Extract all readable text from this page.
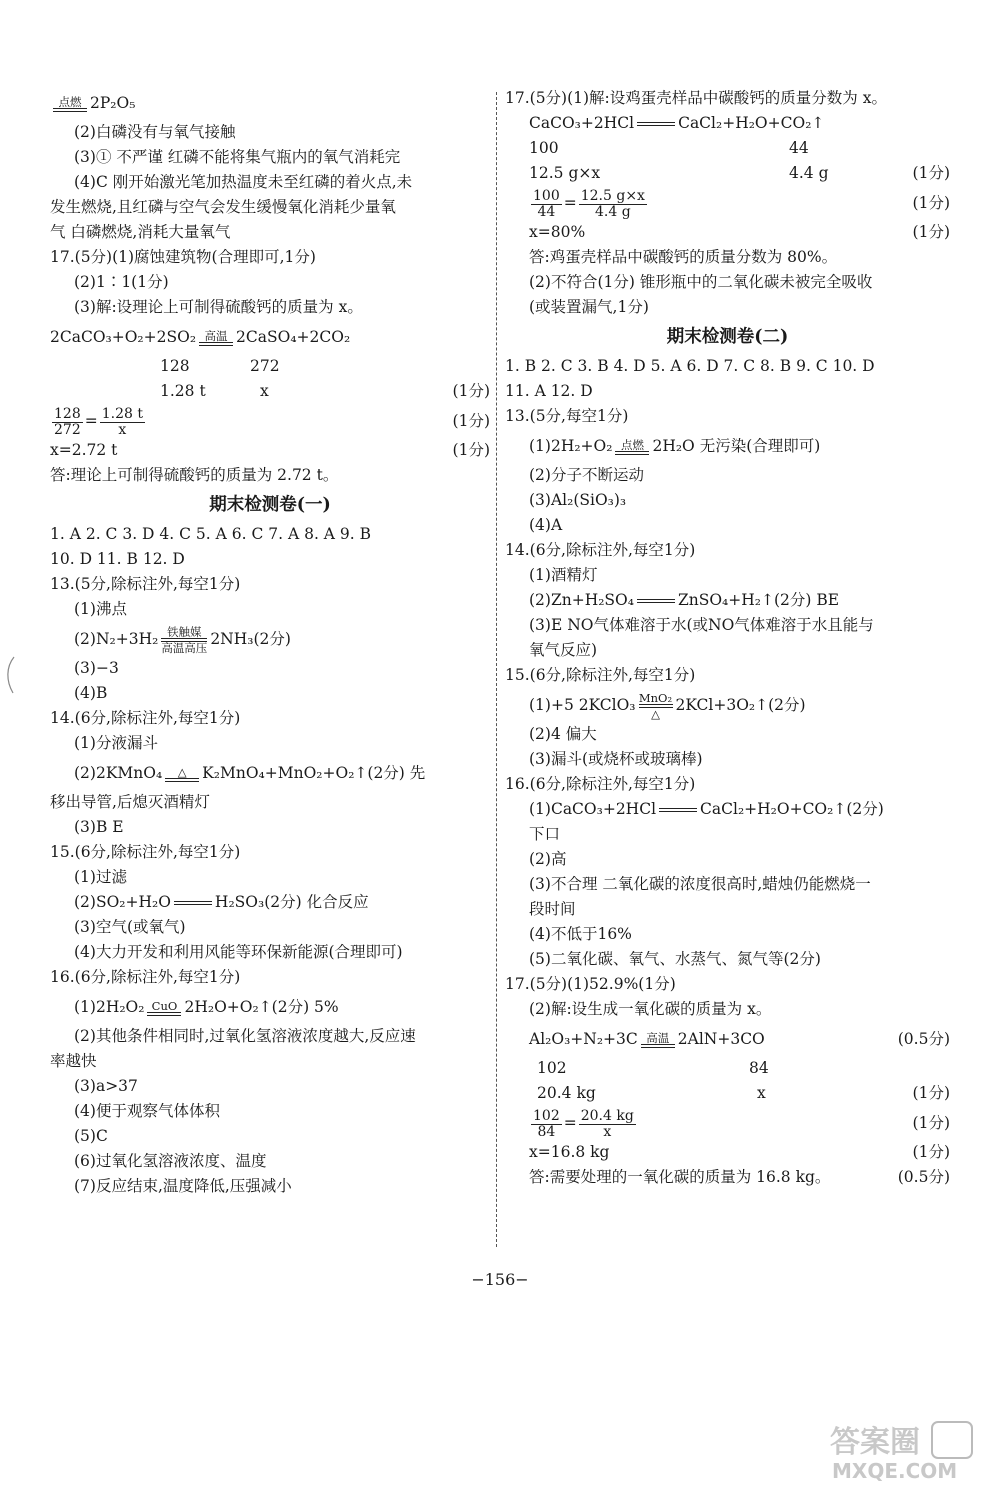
点燃 2P₂O₅
(2)白磷没有与氧气接触
(3)① 不严谨 红磷不能将集气瓶内的氧气消耗完
(4)C 刚开始激光笔加热温度未至红磷的着火点,未
发生燃烧,且红磷与空气会发生缓慢氧化消耗少量氧
气 白磷燃烧,消耗大量氧气
17.(5分)(1)腐蚀建筑物(合理即可,1分)
(2)1∶1(1分)
(3)解:设理论上可制得硫酸钙的质量为 x。
2CaCO₃+O₂+2SO₂ 高温 2CaSO₄+2CO₂
128	272
1.28 t	x	(1分)
$\frac{128}{272} = \frac{1.28 t}{x}$	(1分)
x=2.72 t	(1分)
答:理论上可制得硫酸钙的质量为 2.72 t。
期末检测卷(一)
1. A 2. C 3. D 4. C 5. A 6. C 7. A 8. A 9. B
10. D 11. B 12. D
13.(5分,除标注外,每空1分)
(1)沸点
(2)N₂+3H₂ 铁触媒
高温高压 2NH₃(2分)
(3)−3
(4)B
14.(6分,除标注外,每空1分)
(1)分液漏斗
(2)2KMnO₄	△	K₂MnO₄+MnO₂+O₂↑(2分) 先
移出导管,后熄灭酒精灯
(3)B E
15.(6分,除标注外,每空1分)
(1)过滤
(2)SO₂+H₂O	H₂SO₃(2分) 化合反应
(3)空气(或氧气)
(4)大力开发和利用风能等环保新能源(合理即可)
16.(6分,除标注外,每空1分)
(1)2H₂O₂ CuO 2H₂O+O₂↑(2分) 5%
(2)其他条件相同时,过氧化氢溶液浓度越大,反应速
率越快
(3)a>37
(4)便于观察气体体积
(5)C
(6)过氧化氢溶液浓度、温度
(7)反应结束,温度降低,压强减小
17.(5分)(1)解:设鸡蛋壳样品中碳酸钙的质量分数为 x。
CaCO₃+2HCl	CaCl₂+H₂O+CO₂↑
100	44
12.5 g×x	4.4 g	(1分)
$\frac{100}{44} = \frac{12.5 g\times x}{4.4 g}$	(1分)
x=80%	(1分)
答:鸡蛋壳样品中碳酸钙的质量分数为 80%。
(2)不符合(1分) 锥形瓶中的二氧化碳未被完全吸收
(或装置漏气,1分)
期末检测卷(二)
1. B 2. C 3. B 4. D 5. A 6. D 7. C 8. B 9. C 10. D
11. A 12. D
13.(5分,每空1分)
(1)2H₂+O₂ 点燃 2H₂O 无污染(合理即可)
(2)分子不断运动
(3)Al₂(SiO₃)₃
(4)A
14.(6分,除标注外,每空1分)
(1)酒精灯
(2)Zn+H₂SO₄	ZnSO₄+H₂↑(2分) BE
(3)E NO气体难溶于水(或NO气体难溶于水且能与
氧气反应)
15.(6分,除标注外,每空1分)
(1)+5 2KClO₃ MnO₂
△	2KCl+3O₂↑(2分)
(2)4 偏大
(3)漏斗(或烧杯或玻璃棒)
16.(6分,除标注外,每空1分)
(1)CaCO₃+2HCl	CaCl₂+H₂O+CO₂↑(2分)
下口
(2)高
(3)不合理 二氧化碳的浓度很高时,蜡烛仍能燃烧一
段时间
(4)不低于16%
(5)二氧化碳、氧气、水蒸气、氮气等(2分)
17.(5分)(1)52.9%(1分)
(2)解:设生成一氧化碳的质量为 x。
Al₂O₃+N₂+3C 高温 2AlN+3CO	(0.5分)
102	84
20.4 kg	x	(1分)
$\frac{102}{84} = \frac{20.4 kg}{x}$	(1分)
x=16.8 kg	(1分)
答:需要处理的一氧化碳的质量为 16.8 kg。	(0.5分)
−156−
答案圈
MXQE.COM
